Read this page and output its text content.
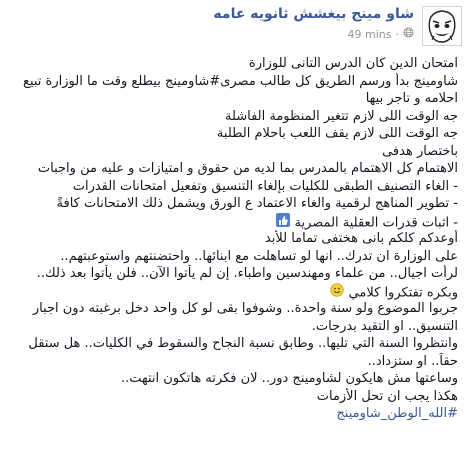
شاو مينج بيغشش ثانويه عامه
49 mins ·
امتحان الدين كان الدرس التانى للوزارة
شاومينج بدأ ورسم الطريق كل طالب مصرى#شاومينج بيطلع وقت ما الوزارة تبيع
احلامه و تاجر بيها
جه الوقت اللى لازم تتغير المنظومة الفاشلة
جه الوقت اللى لازم يقف اللعب باحلام الطلبة
باختصار هدفى
الاهتمام كل الاهتمام بالمدرس بما لديه من حقوق و امتيازات و عليه من واجبات
- الغاء التصنيف الطبقى للكليات بإلغاء التنسيق وتفعيل امتحانات القدرات
- تطوير المناهج لرقمية والغاء الاعتماد ع الورق ويشمل ذلك الامتحانات كافةً
- اثبات قدرات العقلية المصرية
أوعدكم كلكم بانى هختفى تماما للأبد
على الوزارة ان تدرك.. انها لو تساهلت مع ابنائها.. واحتضنتهم واستوعبتهم..
لرأت اجيال.. من علماء ومهندسين واطباء. إن لم يأتوا الآن.. فلن يأتوا بعد ذلك..
وبكره تفتكروا كلامي
جربوا الموضوع ولو سنة واحدة.. وشوفوا بقى لو كل واحد دخل برغبته دون اجبار
التنسيق.. او التقيد بدرجات.
وانتظروا السنة التي تليها.. وطابق نسبة النجاح والسقوط في الكليات.. هل ستقل
حقاً.. او ستزداد..
وساعتها مش هايكون لشاومينج دور.. لان فكرته هاتكون انتهت..
هكذا يجب ان تحل الأزمات
#الله_الوطن_شاومينج
